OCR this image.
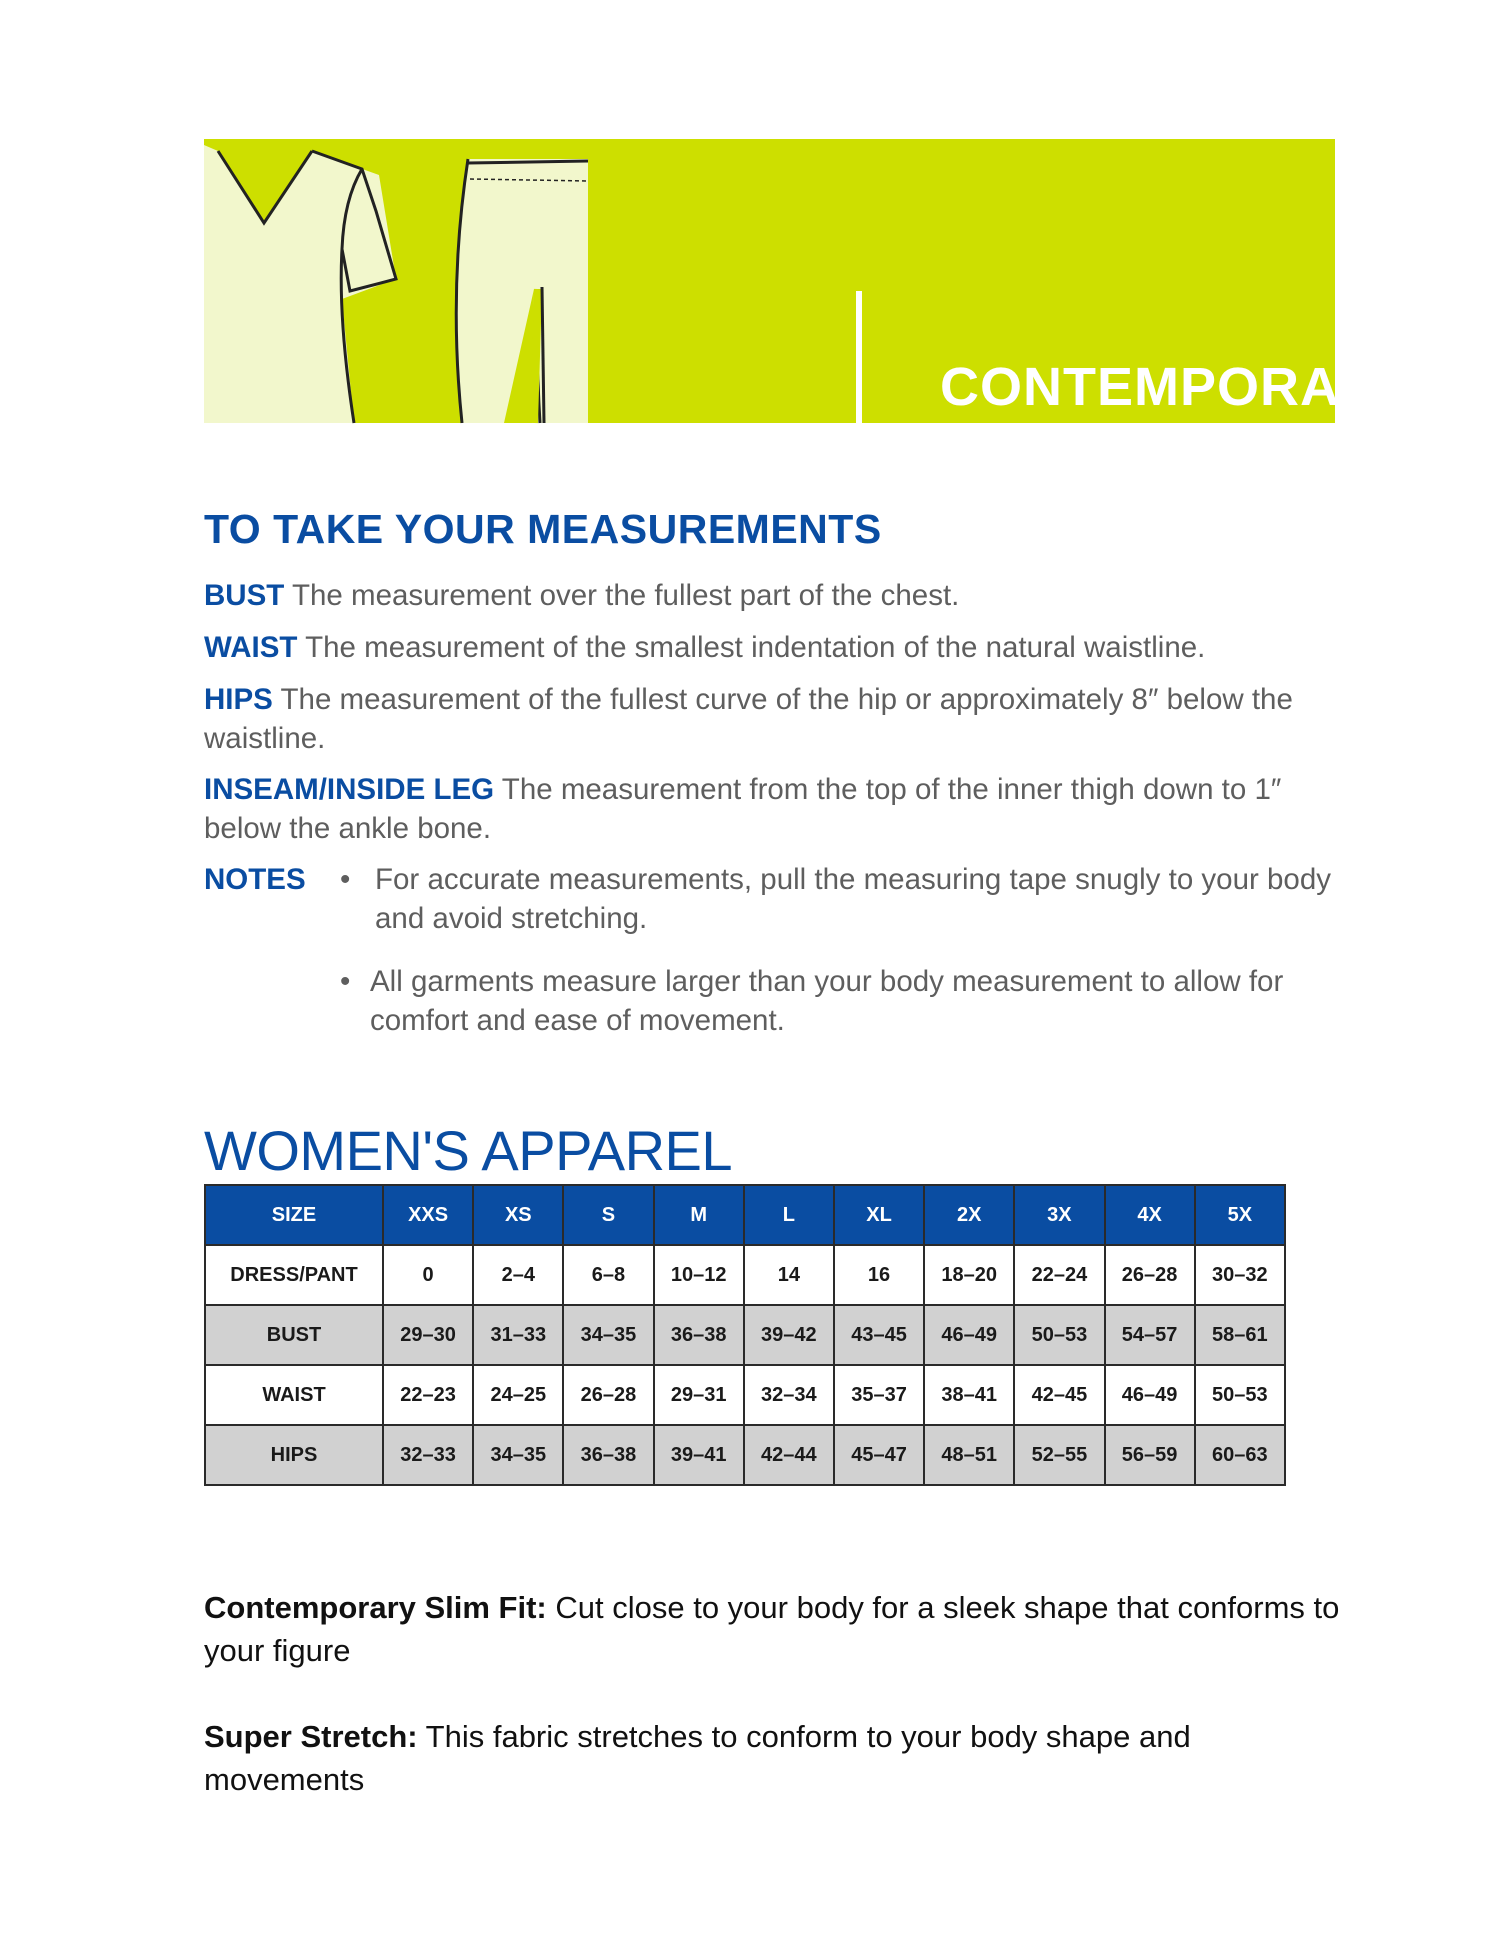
CONTEMPORARY
SLIM FIT
TO TAKE YOUR MEASUREMENTS
BUST The measurement over the fullest part of the chest.
WAIST The measurement of the smallest indentation of the natural waistline.
HIPS The measurement of the fullest curve of the hip or approximately 8″ below the waistline.
INSEAM/INSIDE LEG The measurement from the top of the inner thigh down to 1″ below the ankle bone.
NOTES • For accurate measurements, pull the measuring tape snugly to your body and avoid stretching.
• All garments measure larger than your body measurement to allow for comfort and ease of movement.
WOMEN'S APPAREL
SIZE	XXS	XS	S	M	L	XL	2X	3X	4X	5X
DRESS/PANT	0	2–4	6–8	10–12	14	16	18–20	22–24	26–28	30–32
BUST	29–30	31–33	34–35	36–38	39–42	43–45	46–49	50–53	54–57	58–61
WAIST	22–23	24–25	26–28	29–31	32–34	35–37	38–41	42–45	46–49	50–53
HIPS	32–33	34–35	36–38	39–41	42–44	45–47	48–51	52–55	56–59	60–63
Contemporary Slim Fit: Cut close to your body for a sleek shape that conforms to your figure
Super Stretch: This fabric stretches to conform to your body shape and movements
